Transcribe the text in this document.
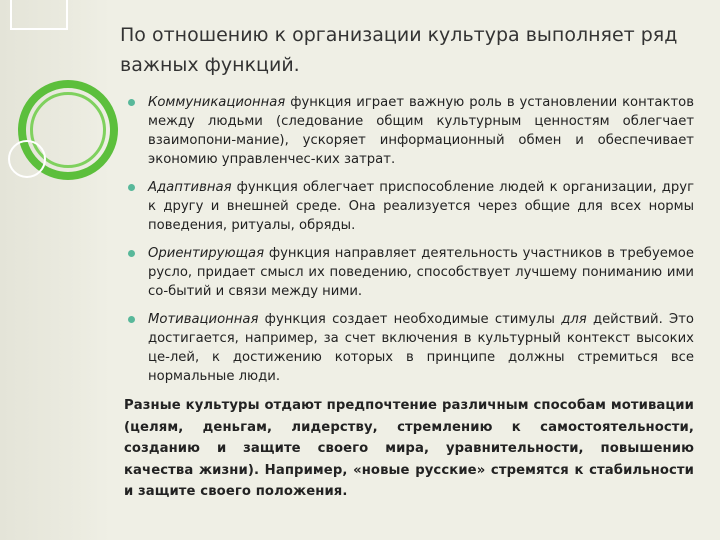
По отношению к организации культура выполняет ряд важных функций.
Коммуникационная функция играет важную роль в установлении контактов между людьми (следование общим культурным ценностям облегчает взаимопони-мание), ускоряет информационный обмен и обеспечивает экономию управленчес-ких затрат.
Адаптивная функция облегчает приспособление людей к организации, друг к другу и внешней среде. Она реализуется через общие для всех нормы поведения, ритуалы, обряды.
Ориентирующая функция направляет деятельность участников в требуемое русло, придает смысл их поведению, способствует лучшему пониманию ими со-бытий и связи между ними.
Мотивационная функция создает необходимые стимулы для действий. Это достигается, например, за счет включения в культурный контекст высоких це-лей, к достижению которых в принципе должны стремиться все нормальные люди.
Разные культуры отдают предпочтение различным способам мотивации (целям, деньгам, лидерству, стремлению к самостоятельности, созданию и защите своего мира, уравнительности, повышению качества жизни). Например, «новые русские» стремятся к стабильности и защите своего положения.
